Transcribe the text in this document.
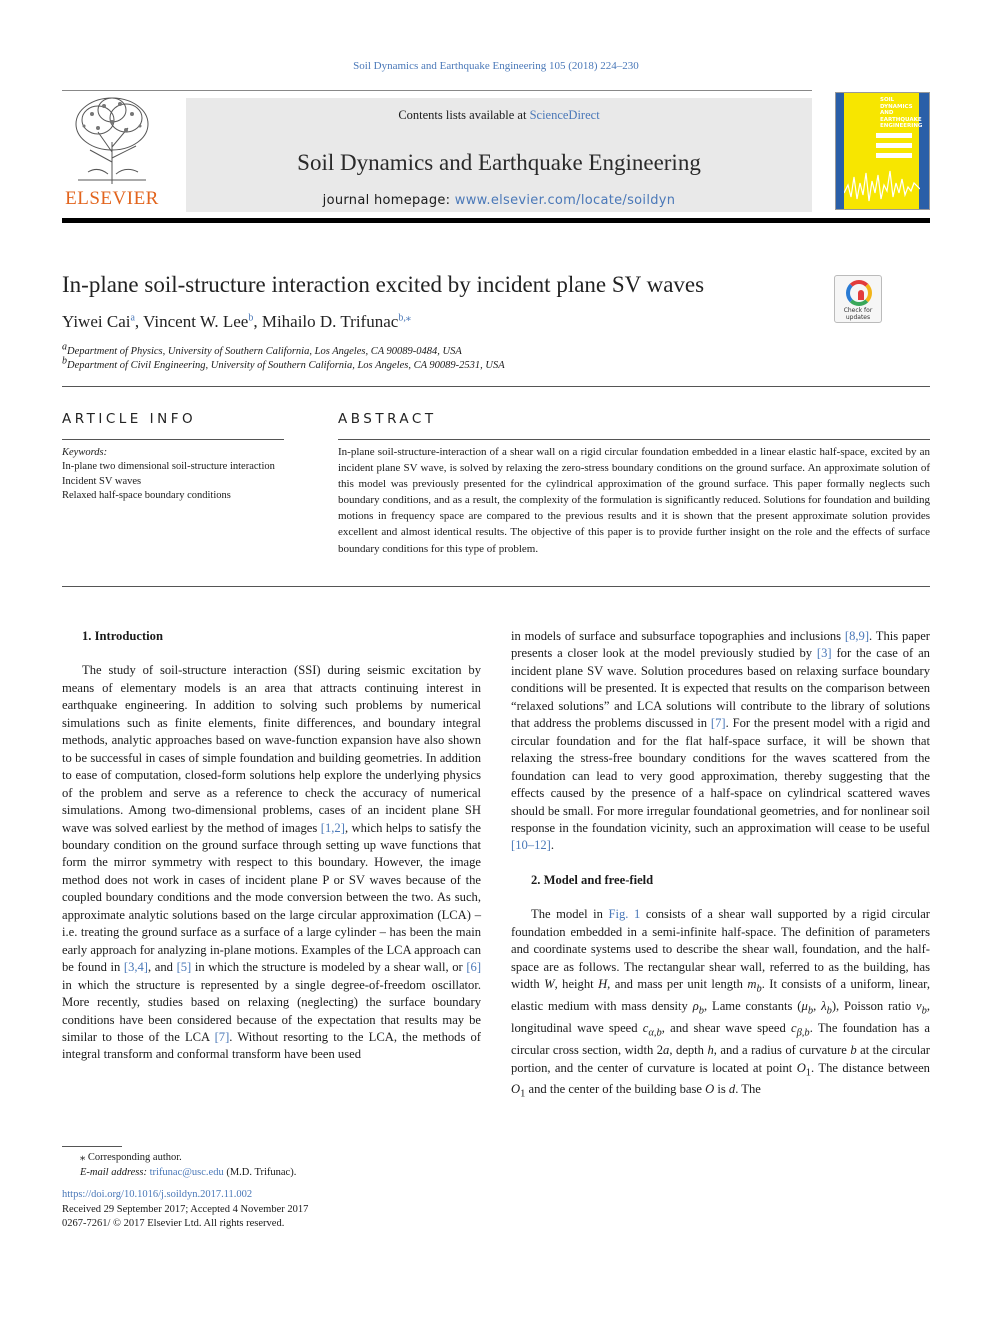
Soil Dynamics and Earthquake Engineering 105 (2018) 224–230
ELSEVIER
Contents lists available at ScienceDirect
Soil Dynamics and Earthquake Engineering
journal homepage: www.elsevier.com/locate/soildyn
SOIL
DYNAMICS
AND
EARTHQUAKE
ENGINEERING
In-plane soil-structure interaction excited by incident plane SV waves
Check for
updates
Yiwei Cai$^a$, Vincent W. Lee$^b$, Mihailo D. Trifunac$^{b,⁎}$
$^a$Department of Physics, University of Southern California, Los Angeles, CA 90089-0484, USA
$^b$Department of Civil Engineering, University of Southern California, Los Angeles, CA 90089-2531, USA
ARTICLE INFO	ABSTRACT
Keywords:
In-plane two dimensional soil-structure interaction
Incident SV waves
Relaxed half-space boundary conditions
In-plane soil-structure-interaction of a shear wall on a rigid circular foundation embedded in a linear elastic half-space, excited by an incident plane SV wave, is solved by relaxing the zero-stress boundary conditions on the ground surface. An approximate solution of this model was previously presented for the cylindrical approximation of the ground surface. This paper formally neglects such boundary conditions, and as a result, the complexity of the formulation is significantly reduced. Solutions for foundation and building motions in frequency space are compared to the previous results and it is shown that the present approximate solution provides excellent and almost identical results. The objective of this paper is to provide further insight on the role and the effects of surface boundary conditions for this type of problem.

1. Introduction

The study of soil-structure interaction (SSI) during seismic excitation by means of elementary models is an area that attracts continuing interest in earthquake engineering. In addition to solving such problems by numerical simulations such as finite elements, finite differences, and boundary integral methods, analytic approaches based on wave-function expansion have also shown to be successful in cases of simple foundation and building geometries. In addition to ease of computation, closed-form solutions help explore the underlying physics of the problem and serve as a reference to check the accuracy of numerical simulations. Among two-dimensional problems, cases of an incident plane SH wave was solved earliest by the method of images [1,2], which helps to satisfy the boundary condition on the ground surface through setting up wave functions that form the mirror symmetry with respect to this boundary. However, the image method does not work in cases of incident plane P or SV waves because of the coupled boundary conditions and the mode conversion between the two. As such, approximate analytic solutions based on the large circular approximation (LCA) – i.e. treating the ground surface as a surface of a large cylinder – has been the main early approach for analyzing in-plane motions. Examples of the LCA approach can be found in [3,4], and [5] in which the structure is modeled by a shear wall, or [6] in which the structure is represented by a single degree-of-freedom oscillator. More recently, studies based on relaxing (neglecting) the surface boundary conditions have been considered because of the expectation that results may be similar to those of the LCA [7]. Without resorting to the LCA, the methods of integral transform and conformal transform have been used

in models of surface and subsurface topographies and inclusions [8,9]. This paper presents a closer look at the model previously studied by [3] for the case of an incident plane SV wave. Solution procedures based on relaxing surface boundary conditions will be presented. It is expected that results on the comparison between “relaxed solutions” and LCA solutions will contribute to the library of solutions that address the problems discussed in [7]. For the present model with a rigid and circular foundation and for the flat half-space surface, it will be shown that relaxing the stress-free boundary conditions for the waves scattered from the foundation can lead to very good approximation, thereby suggesting that the effects caused by the presence of a half-space on cylindrical scattered waves should be small. For more irregular foundational geometries, and for nonlinear soil response in the foundation vicinity, such an approximation will cease to be useful [10–12].

2. Model and free-field

The model in Fig. 1 consists of a shear wall supported by a rigid circular foundation embedded in a semi-infinite half-space. The definition of parameters and coordinate systems used to describe the shear wall, foundation, and the half-space are as follows. The rectangular shear wall, referred to as the building, has width W, height H, and mass per unit length $m_b$. It consists of a uniform, linear, elastic medium with mass density $\rho_b$, Lame constants ($\mu_b$, $\lambda_b$), Poisson ratio $\nu_b$, longitudinal wave speed $c_{\alpha,b}$, and shear wave speed $c_{\beta,b}$. The foundation has a circular cross section, width 2a, depth h, and a radius of curvature b at the circular portion, and the center of curvature is located at point $O_1$. The distance between $O_1$ and the center of the building base O is d. The

⁎ Corresponding author.
E-mail address: trifunac@usc.edu (M.D. Trifunac).
https://doi.org/10.1016/j.soildyn.2017.11.002
Received 29 September 2017; Accepted 4 November 2017
0267-7261/ © 2017 Elsevier Ltd. All rights reserved.
